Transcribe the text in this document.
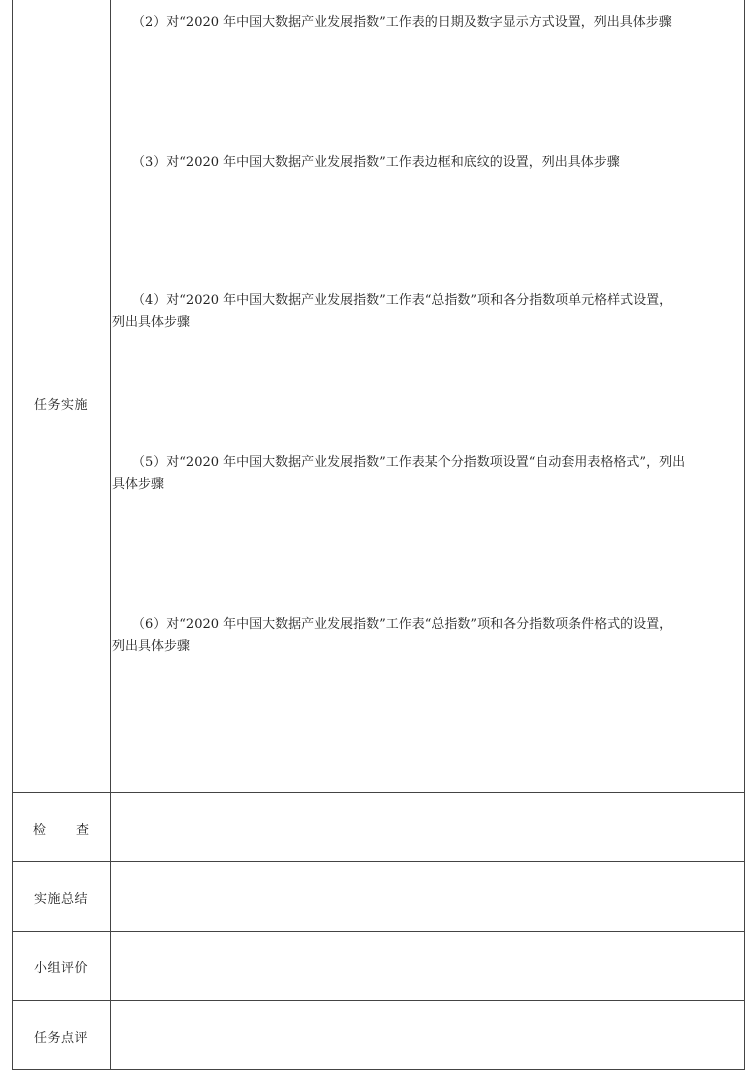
任务实施
检 查
实施总结
小组评价
任务点评
（2）对“2020 年中国大数据产业发展指数”工作表的日期及数字显示方式设置，列出具体步骤
（3）对“2020 年中国大数据产业发展指数”工作表边框和底纹的设置，列出具体步骤
（4）对“2020 年中国大数据产业发展指数”工作表“总指数”项和各分指数项单元格样式设置，
列出具体步骤
（5）对“2020 年中国大数据产业发展指数”工作表某个分指数项设置“自动套用表格格式”，列出
具体步骤
（6）对“2020 年中国大数据产业发展指数”工作表“总指数”项和各分指数项条件格式的设置，
列出具体步骤
